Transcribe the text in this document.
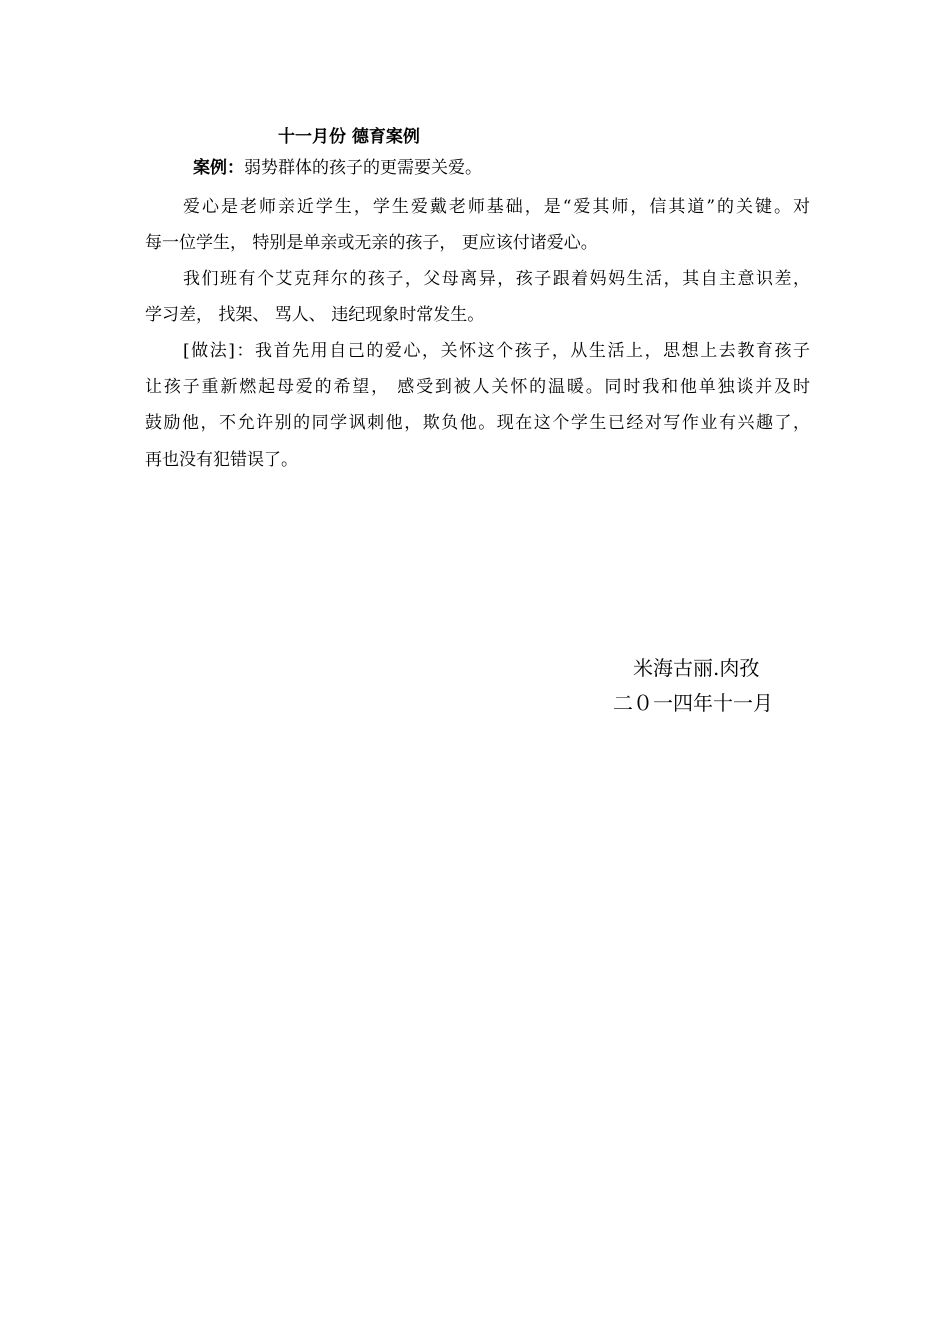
十一月份 德育案例
案例：弱势群体的孩子的更需要关爱。
爱心是老师亲近学生，学生爱戴老师基础，是“爱其师，信其道”的关键。对
每一位学生， 特别是单亲或无亲的孩子， 更应该付诸爱心。
我们班有个艾克拜尔的孩子，父母离异，孩子跟着妈妈生活，其自主意识差，
学习差， 找架、 骂人、 违纪现象时常发生。
[做法]：我首先用自己的爱心，关怀这个孩子，从生活上，思想上去教育孩子
让孩子重新燃起母爱的希望， 感受到被人关怀的温暖。同时我和他单独谈并及时
鼓励他，不允许别的同学讽刺他，欺负他。现在这个学生已经对写作业有兴趣了，
再也没有犯错误了。
米海古丽.肉孜
二０一四年十一月
